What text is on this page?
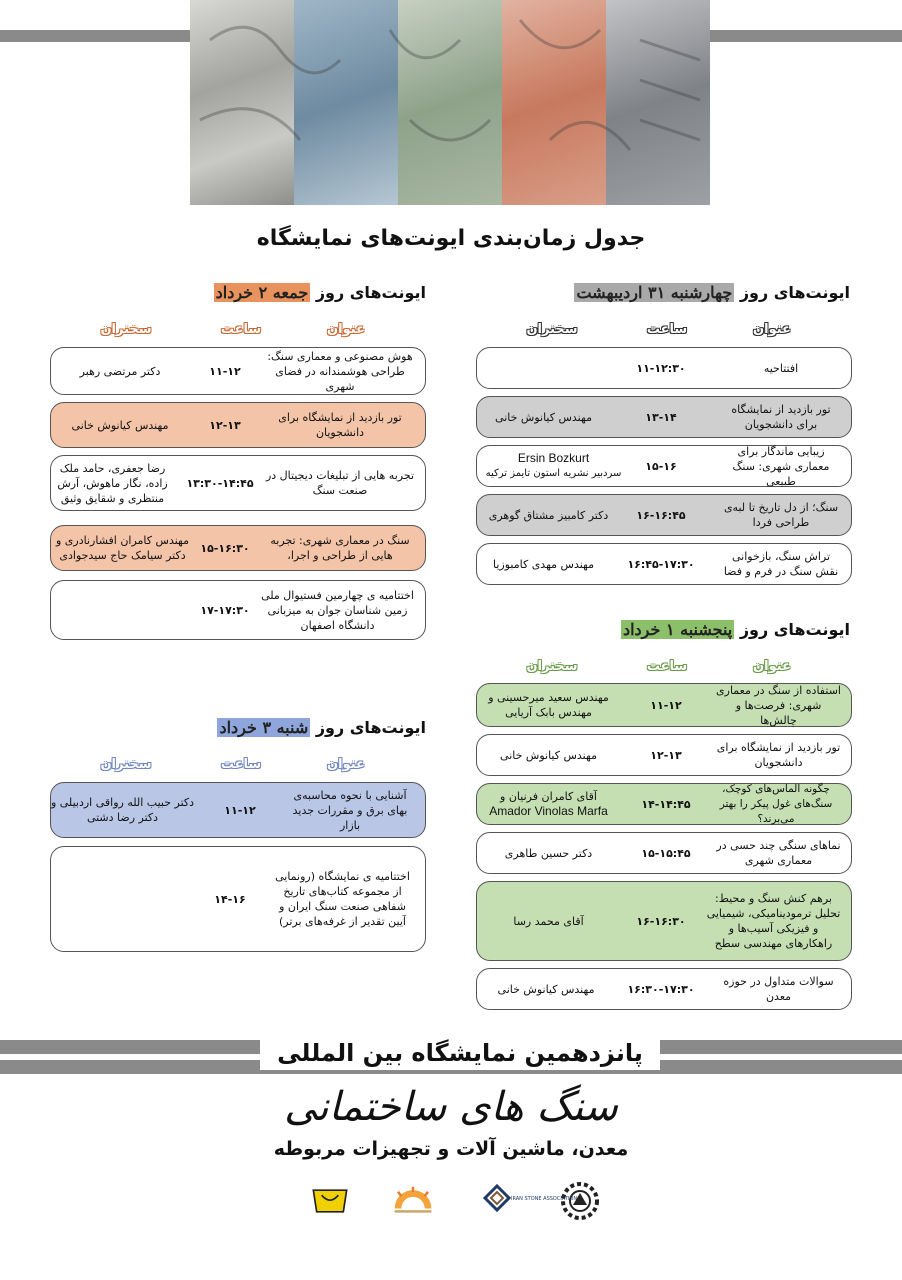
جدول زمان‌بندی ایونت‌های نمایشگاه
ایونت‌های روز چهارشنبه ۳۱ اردیبهشت
عنوان
ساعت
سخنران
افتتاحیه
۱۱-۱۲:۳۰
تور بازدید از نمایشگاه برای دانشجویان
۱۳-۱۴
مهندس کیانوش خانی
زیبایی ماندگار برای معماری شهری: سنگ طبیعی
۱۵-۱۶
Ersin Bozkurt
سردبیر نشریه استون تایمز ترکیه
سنگ؛ از دل تاریخ تا لبه‌ی طراحی فردا
۱۶-۱۶:۴۵
دکتر کامبیز مشتاق گوهری
تراش سنگ، بازخوانی نقش سنگ در فرم و فضا
۱۶:۴۵-۱۷:۳۰
مهندس مهدی کامبوزیا
ایونت‌های روز پنجشنبه ۱ خرداد
عنوان
ساعت
سخنران
استفاده از سنگ در معماری شهری: فرصت‌ها و چالش‌ها
۱۱-۱۲
مهندس سعید میرحسینی و مهندس بابک آریایی
تور بازدید از نمایشگاه برای دانشجویان
۱۲-۱۳
مهندس کیانوش خانی
چگونه الماس‌های کوچک، سنگ‌های غول پیکر را بهتر می‌برند؟
۱۴-۱۴:۴۵
آقای کامران فرنیان و
Amador Vinolas Marfa
نماهای سنگی چند حسی در معماری شهری
۱۵-۱۵:۴۵
دکتر حسین طاهری
برهم کنش سنگ و محیط: تحلیل ترمودینامیکی، شیمیایی و فیزیکی آسیب‌ها و راهکارهای مهندسی سطح
۱۶-۱۶:۳۰
آقای محمد رسا
سوالات متداول در حوزه معدن
۱۶:۳۰-۱۷:۳۰
مهندس کیانوش خانی
ایونت‌های روز جمعه ۲ خرداد
عنوان
ساعت
سخنران
هوش مصنوعی و معماری سنگ: طراحی هوشمندانه در فضای شهری
۱۱-۱۲
دکتر مرتضی رهبر
تور بازدید از نمایشگاه برای دانشجویان
۱۲-۱۳
مهندس کیانوش خانی
تجربه هایی از تبلیغات دیجیتال در صنعت سنگ
۱۳:۳۰-۱۴:۴۵
رضا جعفری، حامد ملک زاده، نگار ماهوش، آرش منتظری و شقایق وثیق
سنگ در معماری شهری: تجربه هایی از طراحی و اجرا،
۱۵-۱۶:۳۰
مهندس کامران افشارنادری و دکتر سیامک حاج سیدجوادی
اختتامیه ی چهارمین فستیوال ملی زمین شناسان جوان به میزبانی دانشگاه اصفهان
۱۷-۱۷:۳۰
ایونت‌های روز شنبه ۳ خرداد
عنوان
ساعت
سخنران
آشنایی با نحوه محاسبه‌ی بهای برق و مقررات جدید بازار
۱۱-۱۲
دکتر حبیب الله رواقی اردبیلی و دکتر رضا دشتی
اختتامیه ی نمایشگاه (رونمایی از مجموعه کتاب‌های تاریخ شفاهی صنعت سنگ ایران و آیین تقدیر از غرفه‌های برتر)
۱۴-۱۶
پانزدهمین نمایشگاه بین المللی
سنگ های ساختمانی
معدن، ماشین آلات و تجهیزات مربوطه
IRAN STONE ASSOCIATION
